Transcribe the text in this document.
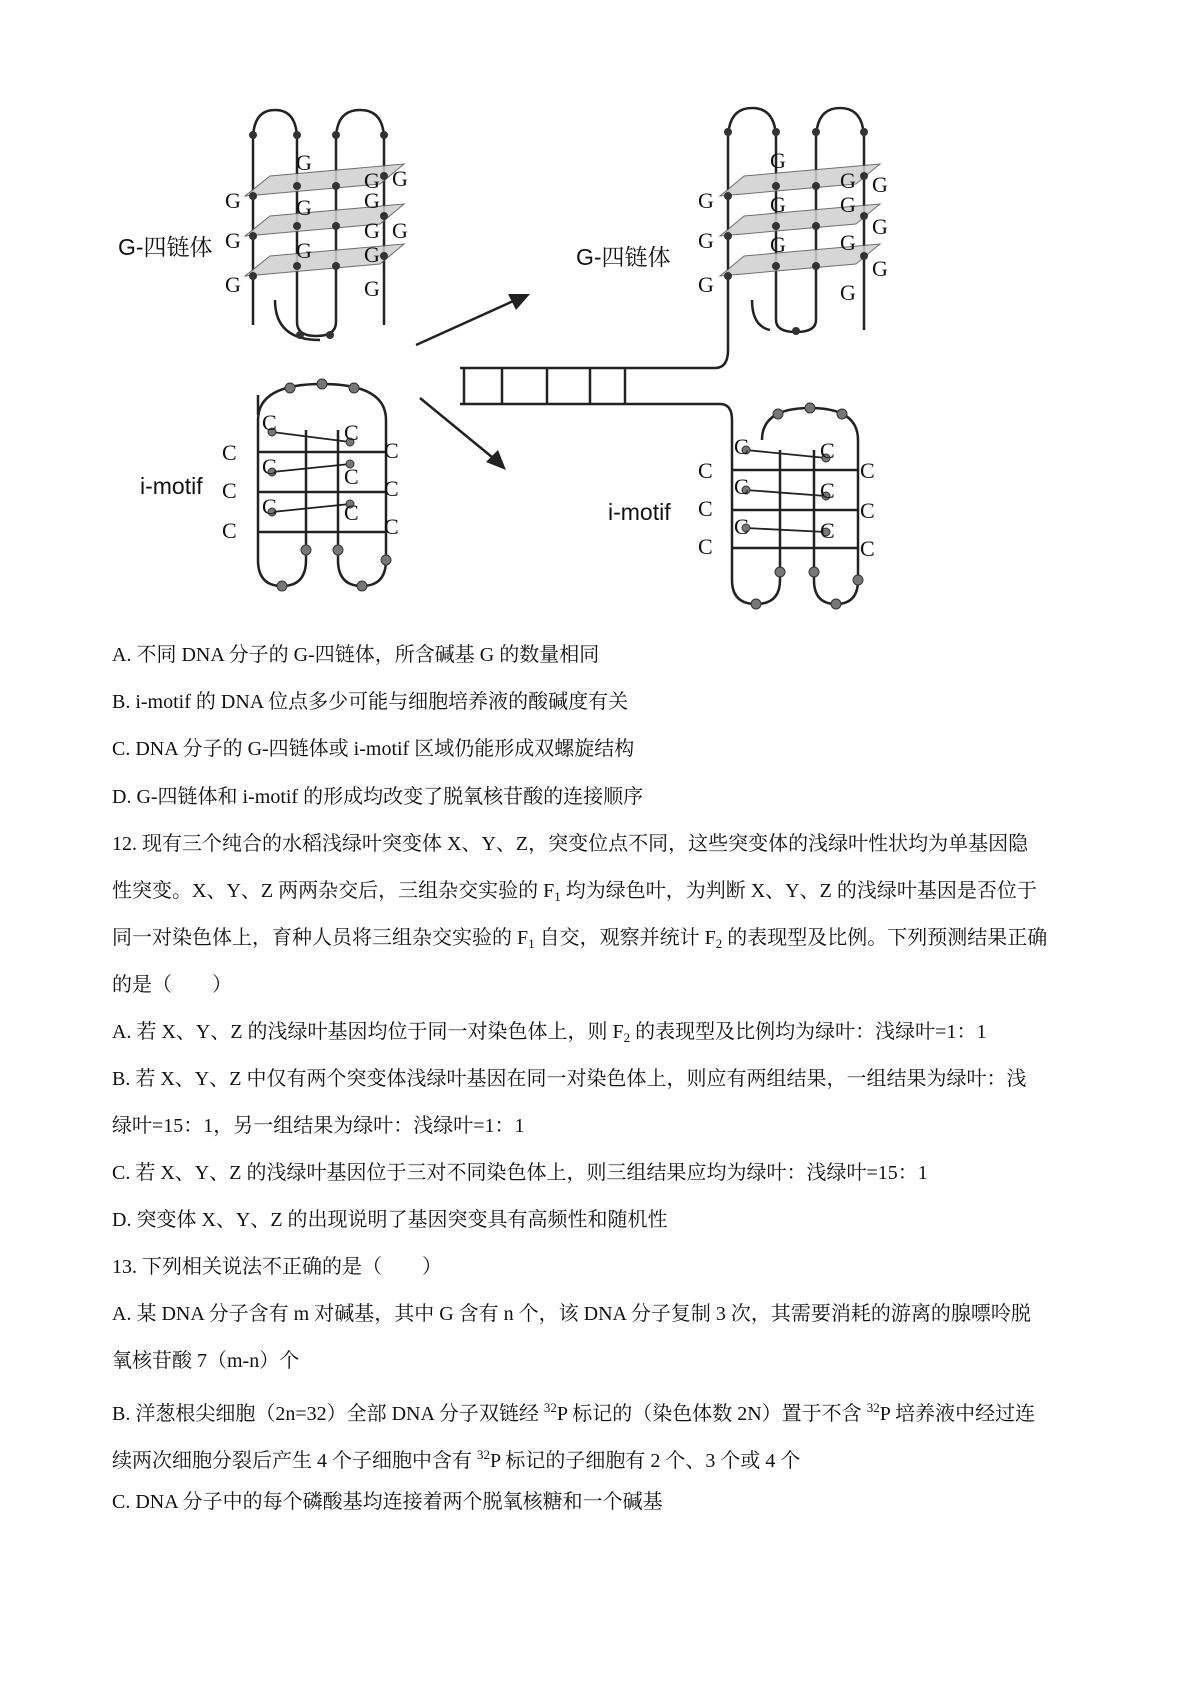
G
G	G G
G
G	G
G
G
G
G
G	G
G-四链体
C
C
C
C
C
C
C
C
C C
C
C
i-motif
G
G	G
G
G
G
G	G G
G
G
G	G
G-四链体
C
C
C
C
C
C
C
C
C
C
C
C
i-motif
A. 不同 DNA 分子的 G-四链体，所含碱基 G 的数量相同
B. i-motif 的 DNA 位点多少可能与细胞培养液的酸碱度有关
C. DNA 分子的 G-四链体或 i-motif 区域仍能形成双螺旋结构
D. G-四链体和 i-motif 的形成均改变了脱氧核苷酸的连接顺序
12. 现有三个纯合的水稻浅绿叶突变体 X、Y、Z，突变位点不同，这些突变体的浅绿叶性状均为单基因隐
性突变。X、Y、Z 两两杂交后，三组杂交实验的 $F_1$ 均为绿色叶，为判断 X、Y、Z 的浅绿叶基因是否位于
同一对染色体上，育种人员将三组杂交实验的 $F_1$ 自交，观察并统计 $F_2$ 的表现型及比例。下列预测结果正确
的是（　　）
A. 若 X、Y、Z 的浅绿叶基因均位于同一对染色体上，则 $F_2$ 的表现型及比例均为绿叶：浅绿叶=1：1
B. 若 X、Y、Z 中仅有两个突变体浅绿叶基因在同一对染色体上，则应有两组结果，一组结果为绿叶：浅
绿叶=15：1，另一组结果为绿叶：浅绿叶=1：1
C. 若 X、Y、Z 的浅绿叶基因位于三对不同染色体上，则三组结果应均为绿叶：浅绿叶=15：1
D. 突变体 X、Y、Z 的出现说明了基因突变具有高频性和随机性
13. 下列相关说法不正确的是（　　）
A. 某 DNA 分子含有 m 对碱基，其中 G 含有 n 个，该 DNA 分子复制 3 次，其需要消耗的游离的腺嘌呤脱
氧核苷酸 7（m-n）个
B. 洋葱根尖细胞（2n=32）全部 DNA 分子双链经 $^{32}$P 标记的（染色体数 2N）置于不含 $^{32}$P 培养液中经过连
续两次细胞分裂后产生 4 个子细胞中含有 $^{32}$P 标记的子细胞有 2 个、3 个或 4 个
C. DNA 分子中的每个磷酸基均连接着两个脱氧核糖和一个碱基
